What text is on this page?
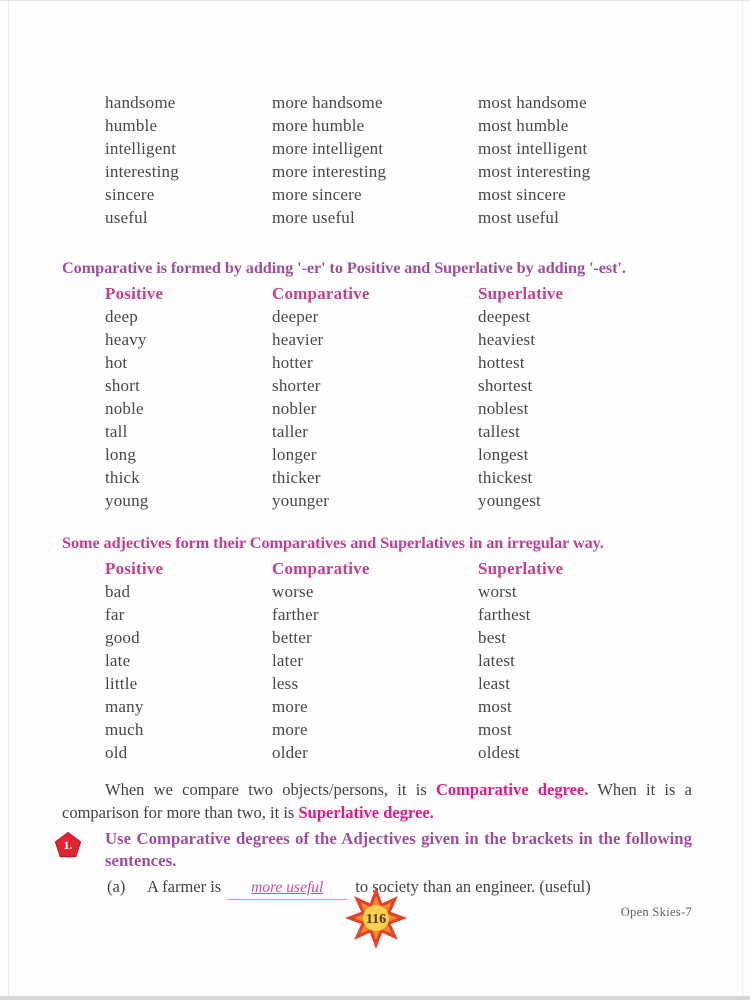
handsome	more handsome	most handsome
humble	more humble	most humble
intelligent	more intelligent	most intelligent
interesting	more interesting	most interesting
sincere	more sincere	most sincere
useful	more useful	most useful
Comparative is formed by adding '-er' to Positive and Superlative by adding '-est'.
Positive	Comparative	Superlative
deep	deeper	deepest
heavy	heavier	heaviest
hot	hotter	hottest
short	shorter	shortest
noble	nobler	noblest
tall	taller	tallest
long	longer	longest
thick	thicker	thickest
young	younger	youngest
Some adjectives form their Comparatives and Superlatives in an irregular way.
Positive	Comparative	Superlative
bad	worse	worst
far	farther	farthest
good	better	best
late	later	latest
little	less	least
many	more	most
much	more	most
old	older	oldest

When we compare two objects/persons, it is Comparative degree. When it is a comparison for more than two, it is Superlative degree.

1. Use Comparative degrees of the Adjectives given in the brackets in the following sentences.
(a)	A farmer is	more useful	to society than an engineer. (useful)
116	Open Skies-7
